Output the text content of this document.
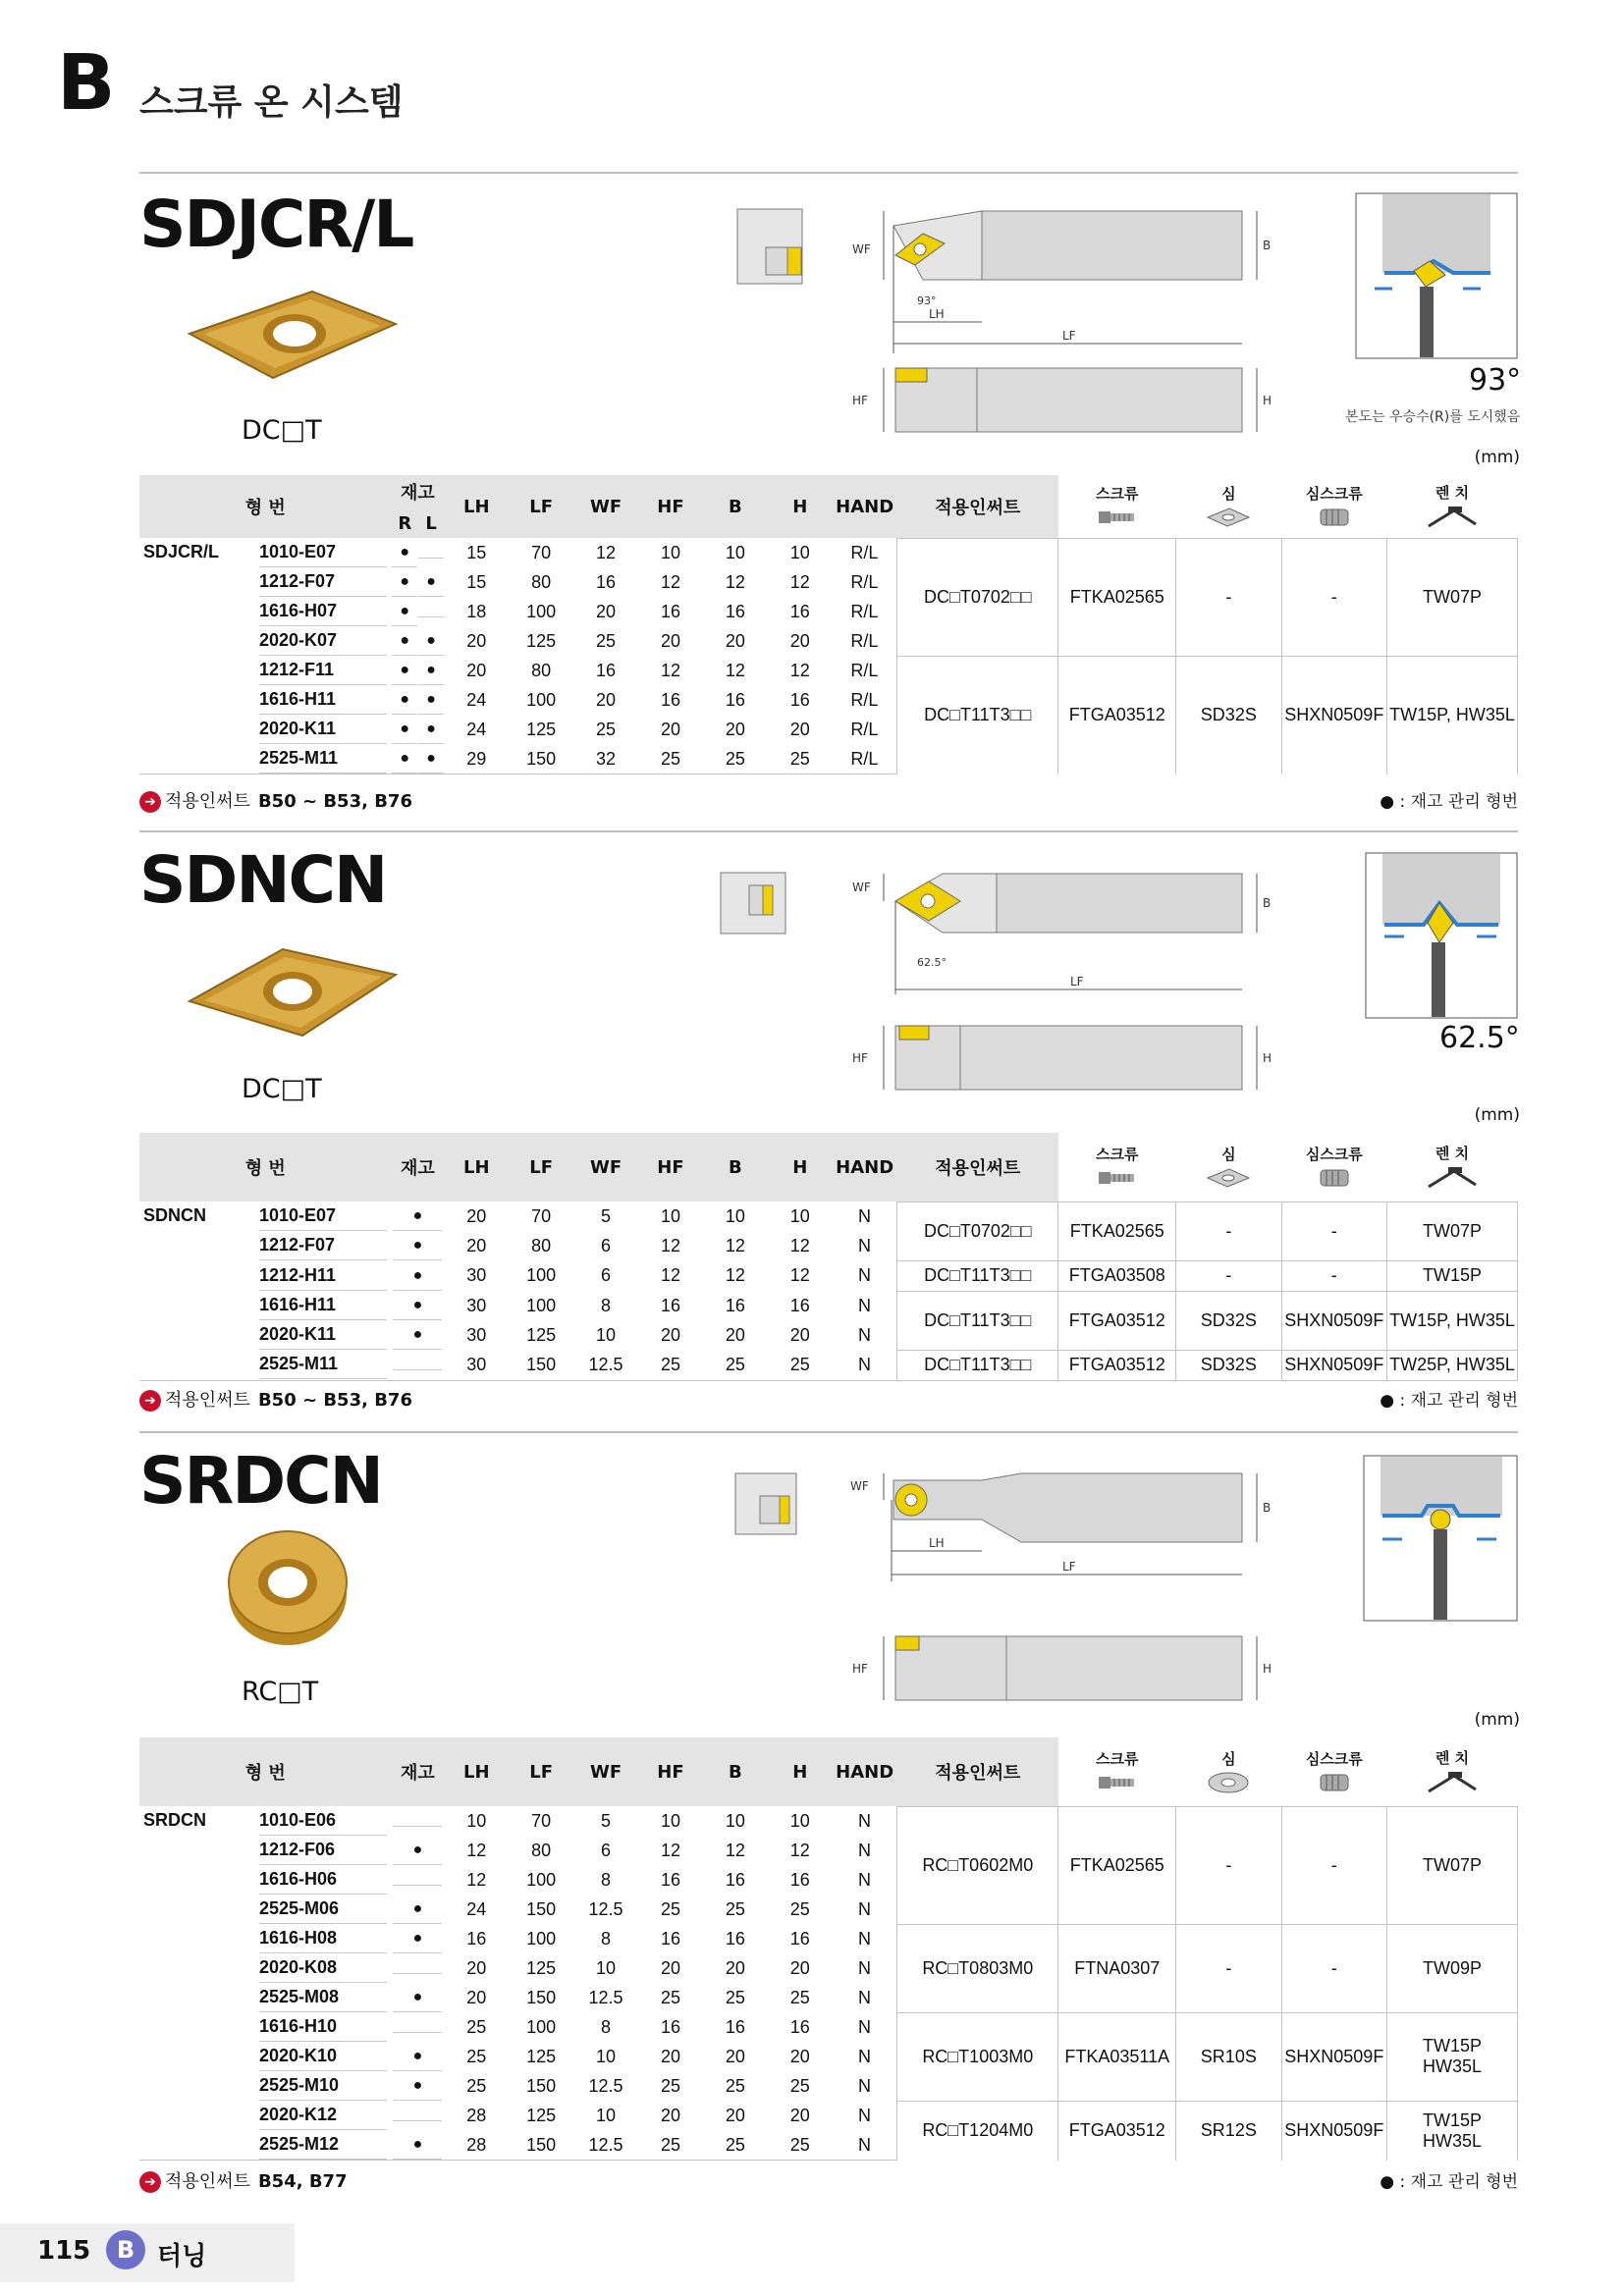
B 스크류 온 시스템
SDJCR/L
DC□T
WF	B
LH
LF
93°
HF	H
93°
본도는 우승수(R)를 도시했음
(mm)
형 번	재고		LH	LF	WF	HF	B	H	HAND	적용인써트	스크류	심	심스크류	렌 치

	R	L												
SDJCR/L 1010-E07	●		15	70	12	10	10	10	R/L	DC□T0702□□	FTKA02565	-	-	TW07P
1212-F07	●	●	15	80	16	12	12	12	R/L					
1616-H07	●		18	100	20	16	16	16	R/L					
2020-K07	●	●	20	125	25	20	20	20	R/L					
1212-F11	●	●	20	80	16	12	12	12	R/L	DC□T11T3□□	FTGA03512	SD32S	SHXN0509F	TW15P, HW35L
1616-H11	●	●	24	100	20	16	16	16	R/L					
2020-K11	●	●	24	125	25	20	20	20	R/L					
2525-M11	●	●	29	150	32	25	25	25	R/L					
➔ 적용인써트 B50 ~ B53, B76	● : 재고 관리 형번
SDNCN
DC□T
WF
B
62.5°
LF
HF	H
62.5°
(mm)
형 번	재고	LH	LF	WF	HF	B	H	HAND	적용인써트	스크류	심	심스크류	렌 치

SDNCN 1010-E07	●	20	70	5	10	10	10	N	DC□T0702□□	FTKA02565	-	-	TW07P
1212-F07	●	20	80	6	12	12	12	N					
1212-H11	●	30	100	6	12	12	12	N	DC□T11T3□□	FTGA03508	-	-	TW15P
1616-H11	●	30	100	8	16	16	16	N	DC□T11T3□□	FTGA03512	SD32S	SHXN0509F	TW15P, HW35L
2020-K11	●	30	125	10	20	20	20	N					
2525-M11		30	150	12.5	25	25	25	N	DC□T11T3□□	FTGA03512	SD32S	SHXN0509F	TW25P, HW35L
➔ 적용인써트 B50 ~ B53, B76	● : 재고 관리 형번
SRDCN
RC□T
WF
B
LH
LF
HF	H
(mm)
형 번	재고	LH	LF	WF	HF	B	H	HAND	적용인써트	스크류	심	심스크류	렌 치

SRDCN 1010-E06		10	70	5	10	10	10	N	RC□T0602M0	FTKA02565	-	-	TW07P
1212-F06	●	12	80	6	12	12	12	N					
1616-H06		12	100	8	16	16	16	N					
2525-M06	●	24	150	12.5	25	25	25	N					
1616-H08	●	16	100	8	16	16	16	N	RC□T0803M0	FTNA0307	-	-	TW09P
2020-K08		20	125	10	20	20	20	N					
2525-M08	●	20	150	12.5	25	25	25	N					
1616-H10		25	100	8	16	16	16	N	RC□T1003M0	FTKA03511A	SR10S	SHXN0509F	TW15P
HW35L
2020-K10	●	25	125	10	20	20	20	N					
2525-M10	●	25	150	12.5	25	25	25	N					
2020-K12		28	125	10	20	20	20	N	RC□T1204M0	FTGA03512	SR12S	SHXN0509F	TW15P
HW35L
2525-M12	●	28	150	12.5	25	25	25	N					
➔ 적용인써트 B54, B77	● : 재고 관리 형번
115	B 터닝
